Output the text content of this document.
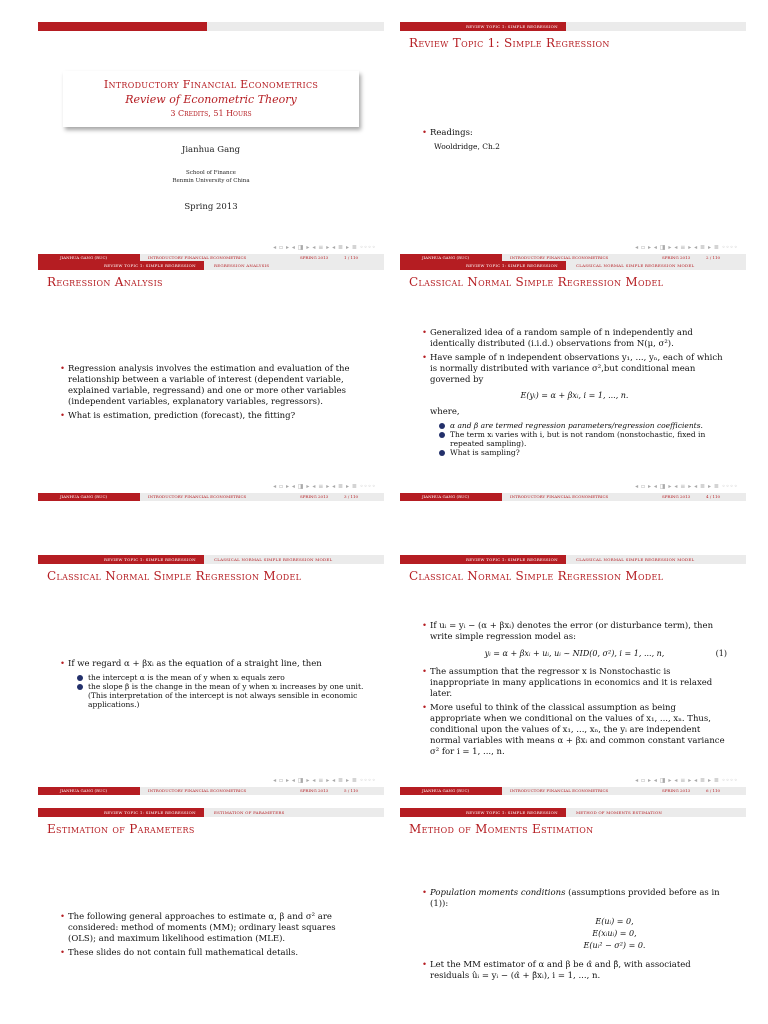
Introductory Financial Econometrics
Review of Econometric Theory
3 Credits, 51 Hours
Jianhua Gang
School of Finance
Renmin University of China
Spring 2013
◂ ▫ ▸ ◂ ◨ ▸ ◂ ≡ ▸ ◂ ≣ ▸ ≣ ◦◦◦◦
JIANHUA GANG (RUC)	INTRODUCTORY FINANCIAL ECONOMETRICS	SPRING 2013	1 / 110
REVIEW TOPIC 1: SIMPLE REGRESSION
Review Topic 1: Simple Regression
• Readings:
Wooldridge, Ch.2
◂ ▫ ▸ ◂ ◨ ▸ ◂ ≡ ▸ ◂ ≣ ▸ ≣ ◦◦◦◦
JIANHUA GANG (RUC)	INTRODUCTORY FINANCIAL ECONOMETRICS	SPRING 2013	2 / 110
REVIEW TOPIC 1: SIMPLE REGRESSION	REGRESSION ANALYSIS
Regression Analysis
• Regression analysis involves the estimation and evaluation of the relationship between a variable of interest (dependent variable, explained variable, regressand) and one or more other variables (independent variables, explanatory variables, regressors).
• What is estimation, prediction (forecast), the fitting?
◂ ▫ ▸ ◂ ◨ ▸ ◂ ≡ ▸ ◂ ≣ ▸ ≣ ◦◦◦◦
JIANHUA GANG (RUC)	INTRODUCTORY FINANCIAL ECONOMETRICS	SPRING 2013	3 / 110
REVIEW TOPIC 1: SIMPLE REGRESSION	CLASSICAL NORMAL SIMPLE REGRESSION MODEL
Classical Normal Simple Regression Model
• Generalized idea of a random sample of n independently and identically distributed (i.i.d.) observations from N(μ, σ²).
• Have sample of n independent observations y₁, ..., yₙ, each of which is normally distributed with variance σ²,but conditional mean governed by
E(yᵢ) = α + βxᵢ, i = 1, ..., n.
where,
α and β are termed regression parameters/regression coefficients.
The term xᵢ varies with i, but is not random (nonstochastic, fixed in repeated sampling).
What is sampling?
◂ ▫ ▸ ◂ ◨ ▸ ◂ ≡ ▸ ◂ ≣ ▸ ≣ ◦◦◦◦
JIANHUA GANG (RUC)	INTRODUCTORY FINANCIAL ECONOMETRICS	SPRING 2013	4 / 110
REVIEW TOPIC 1: SIMPLE REGRESSION	CLASSICAL NORMAL SIMPLE REGRESSION MODEL
Classical Normal Simple Regression Model
• If we regard α + βxᵢ as the equation of a straight line, then
the intercept α is the mean of y when xᵢ equals zero
the slope β is the change in the mean of y when xᵢ increases by one unit. (This interpretation of the intercept is not always sensible in economic applications.)
◂ ▫ ▸ ◂ ◨ ▸ ◂ ≡ ▸ ◂ ≣ ▸ ≣ ◦◦◦◦
JIANHUA GANG (RUC)	INTRODUCTORY FINANCIAL ECONOMETRICS	SPRING 2013	5 / 110
REVIEW TOPIC 1: SIMPLE REGRESSION	CLASSICAL NORMAL SIMPLE REGRESSION MODEL
Classical Normal Simple Regression Model
• If uᵢ = yᵢ − (α + βxᵢ) denotes the error (or disturbance term), then write simple regression model as:
yᵢ = α + βxᵢ + uᵢ, uᵢ ~ NID(0, σ²), i = 1, ..., n,	(1)
• The assumption that the regressor x is Nonstochastic is inappropriate in many applications in economics and it is relaxed later.
• More useful to think of the classical assumption as being appropriate when we conditional on the values of x₁, ..., xₙ. Thus, conditional upon the values of x₁, ..., xₙ, the yᵢ are independent normal variables with means α + βxᵢ and common constant variance σ² for i = 1, ..., n.
◂ ▫ ▸ ◂ ◨ ▸ ◂ ≡ ▸ ◂ ≣ ▸ ≣ ◦◦◦◦
JIANHUA GANG (RUC)	INTRODUCTORY FINANCIAL ECONOMETRICS	SPRING 2013	6 / 110
REVIEW TOPIC 1: SIMPLE REGRESSION	ESTIMATION OF PARAMETERS
Estimation of Parameters
• The following general approaches to estimate α, β and σ² are considered: method of moments (MM); ordinary least squares (OLS); and maximum likelihood estimation (MLE).
• These slides do not contain full mathematical details.
REVIEW TOPIC 1: SIMPLE REGRESSION	METHOD OF MOMENTS ESTIMATION
Method of Moments Estimation
• Population moments conditions (assumptions provided before as in (1)):
E(uᵢ) = 0,
E(xᵢuᵢ) = 0,
E(uᵢ² − σ²) = 0.
• Let the MM estimator of α and β be α̂ and β̂, with associated residuals ûᵢ = yᵢ − (α̂ + β̂xᵢ), i = 1, ..., n.
